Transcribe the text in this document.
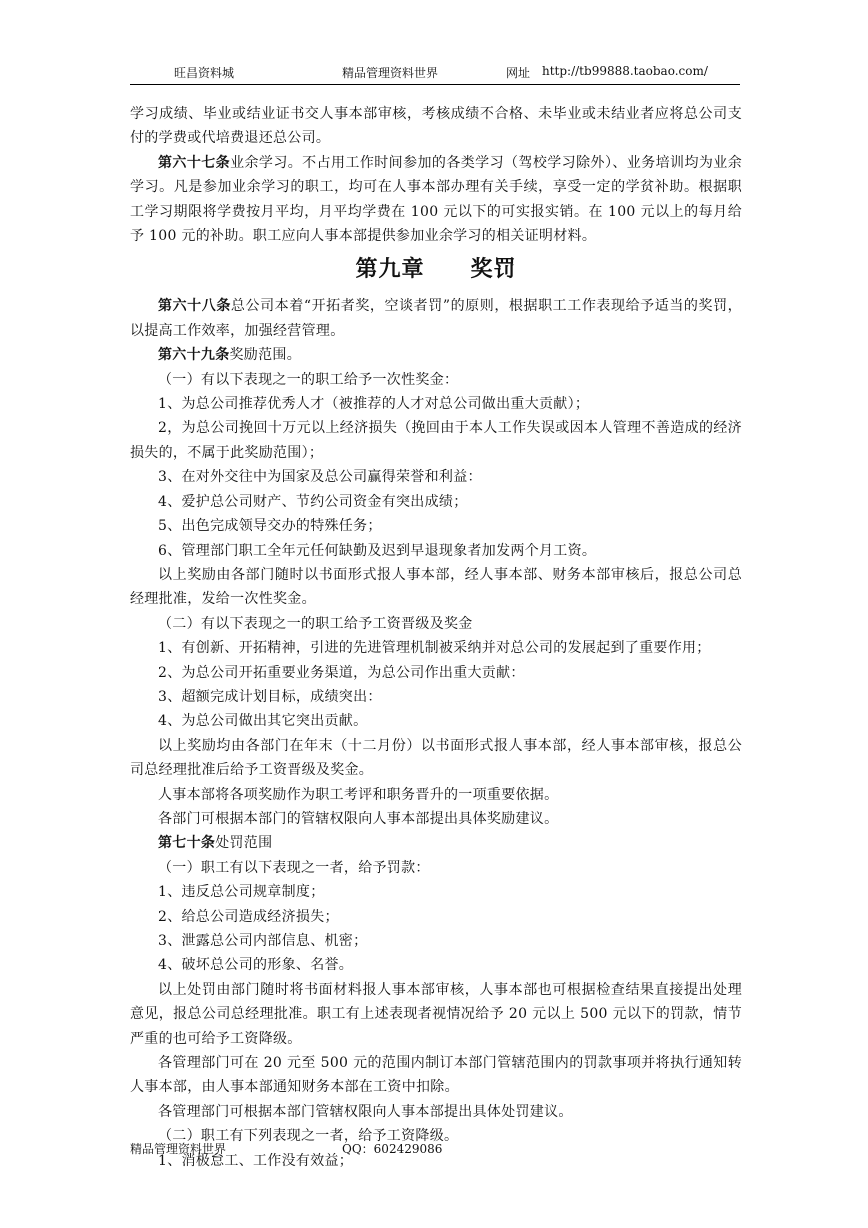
旺昌资料城	精品管理资料世界	网址 http://tb99888.taobao.com/

学习成绩、毕业或结业证书交人事本部审核，考核成绩不合格、未毕业或未结业者应将总公司支付的学费或代培费退还总公司。

第六十七条业余学习。不占用工作时间参加的各类学习（驾校学习除外）、业务培训均为业余学习。凡是参加业余学习的职工，均可在人事本部办理有关手续，享受一定的学贫补助。根据职工学习期限将学费按月平均，月平均学费在 100 元以下的可实报实销。在 100 元以上的每月给予 100 元的补助。职工应向人事本部提供参加业余学习的相关证明材料。

第九章 奖罚

第六十八条总公司本着“开拓者奖，空谈者罚”的原则，根据职工工作表现给予适当的奖罚，以提高工作效率，加强经营管理。

第六十九条奖励范围。

（一）有以下表现之一的职工给予一次性奖金：

1、为总公司推荐优秀人才（被推荐的人才对总公司做出重大贡献）；

2，为总公司挽回十万元以上经济损失（挽回由于本人工作失误或因本人管理不善造成的经济损失的，不属于此奖励范围）；

3、在对外交往中为国家及总公司赢得荣誉和利益：

4、爱护总公司财产、节约公司资金有突出成绩；

5、出色完成领导交办的特殊任务；

6、管理部门职工全年元任何缺勤及迟到早退现象者加发两个月工资。

以上奖励由各部门随时以书面形式报人事本部，经人事本部、财务本部审核后，报总公司总经理批准，发给一次性奖金。

（二）有以下表现之一的职工给予工资晋级及奖金

1、有创新、开拓精神，引进的先进管理机制被采纳并对总公司的发展起到了重要作用；

2、为总公司开拓重要业务渠道，为总公司作出重大贡献：

3、超额完成计划目标，成绩突出：

4、为总公司做出其它突出贡献。

以上奖励均由各部门在年末（十二月份）以书面形式报人事本部，经人事本部审核，报总公司总经理批准后给予工资晋级及奖金。

人事本部将各项奖励作为职工考评和职务晋升的一项重要依据。

各部门可根据本部门的管辖权限向人事本部提出具体奖励建议。

第七十条处罚范围

（一）职工有以下表现之一者，给予罚款：

1、违反总公司规章制度；

2、给总公司造成经济损失；

3、泄露总公司内部信息、机密；

4、破坏总公司的形象、名誉。

以上处罚由部门随时将书面材料报人事本部审核，人事本部也可根据检查结果直接提出处理意见，报总公司总经理批准。职工有上述表现者视情况给予 20 元以上 500 元以下的罚款，情节严重的也可给予工资降级。

各管理部门可在 20 元至 500 元的范围内制订本部门管辖范围内的罚款事项并将执行通知转人事本部，由人事本部通知财务本部在工资中扣除。

各管理部门可根据本部门管辖权限向人事本部提出具体处罚建议。

（二）职工有下列表现之一者，给予工资降级。

1、消极怠工、工作没有效益；

精品管理资料世界	QQ：602429086
